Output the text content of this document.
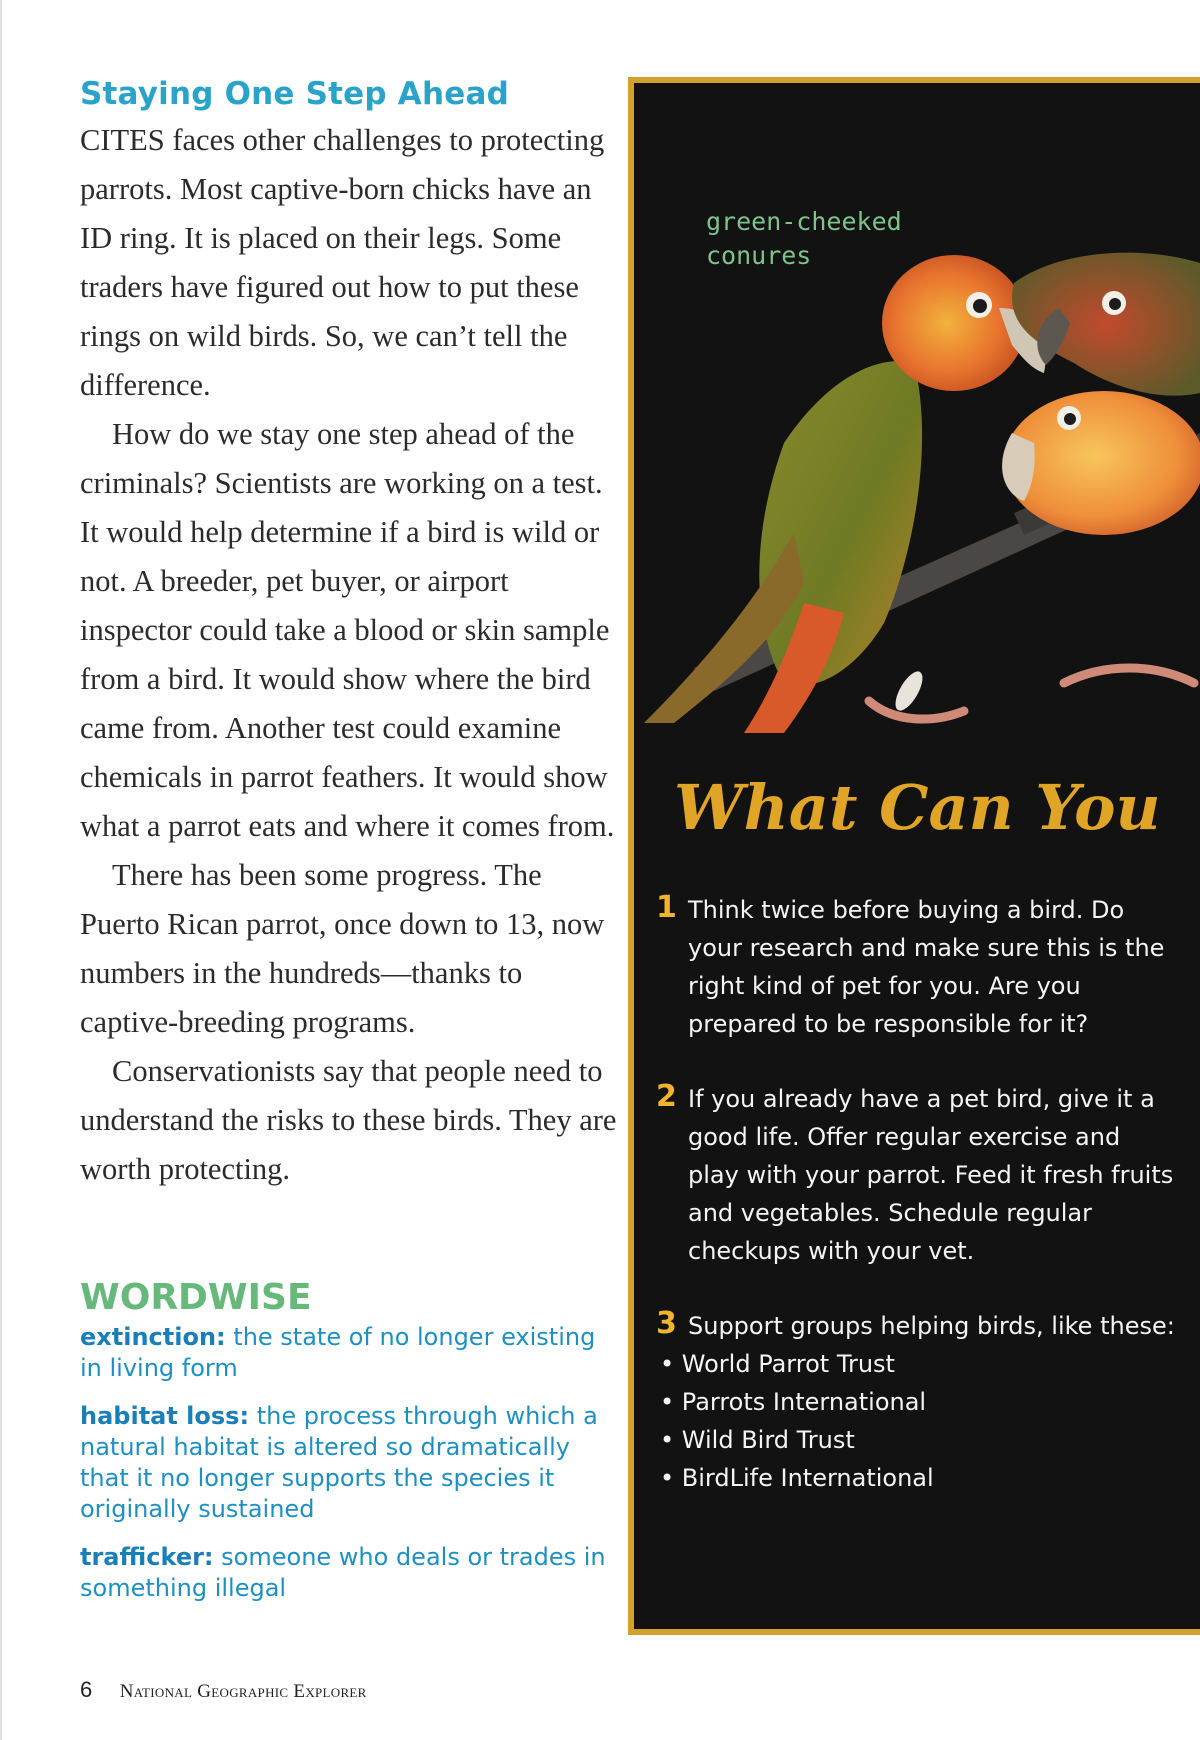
Staying One Step Ahead

CITES faces other challenges to protecting parrots. Most captive-born chicks have an ID ring. It is placed on their legs. Some traders have figured out how to put these rings on wild birds. So, we can’t tell the difference.

How do we stay one step ahead of the criminals? Scientists are working on a test. It would help determine if a bird is wild or not. A breeder, pet buyer, or airport inspector could take a blood or skin sample from a bird. It would show where the bird came from. Another test could examine chemicals in parrot feathers. It would show what a parrot eats and where it comes from.

There has been some progress. The Puerto Rican parrot, once down to 13, now numbers in the hundreds—thanks to captive-breeding programs.

Conservationists say that people need to understand the risks to these birds. They are worth protecting.

WORDWISE

extinction: the state of no longer existing in living form

habitat loss: the process through which a natural habitat is altered so dramatically that it no longer supports the species it originally sustained

trafficker: someone who deals or trades in something illegal

6 National Geographic Explorer

green-cheeked
conures

What Can You

1 Think twice before buying a bird. Do your research and make sure this is the right kind of pet for you. Are you prepared to be responsible for it?

2 If you already have a pet bird, give it a good life. Offer regular exercise and play with your parrot. Feed it fresh fruits and vegetables. Schedule regular checkups with your vet.

3 Support groups helping birds, like these:

• World Parrot Trust
• Parrots International
• Wild Bird Trust
• BirdLife International
